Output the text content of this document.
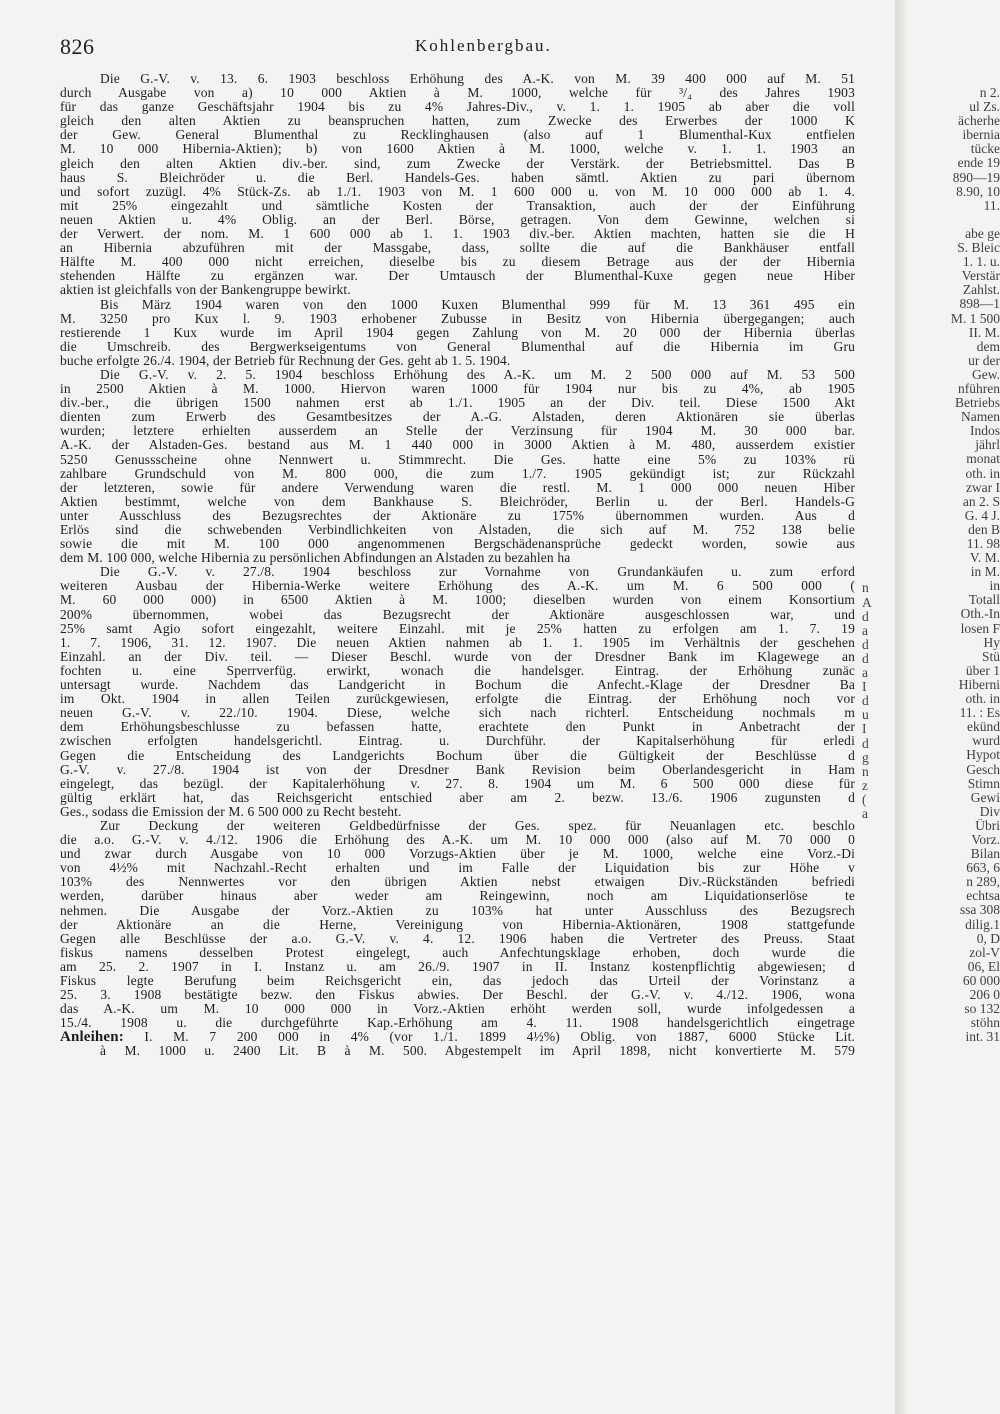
826	Kohlenbergbau.
Die G.-V. v. 13. 6. 1903 beschloss Erhöhung des A.-K. von M. 39 400 000 auf M. 51
durch Ausgabe von a) 10 000 Aktien à M. 1000, welche für ³/₄ des Jahres 1903
für das ganze Geschäftsjahr 1904 bis zu 4% Jahres-Div., v. 1. 1. 1905 ab aber die voll
gleich den alten Aktien zu beanspruchen hatten, zum Zwecke des Erwerbes der 1000 K
der Gew. General Blumenthal zu Recklinghausen (also auf 1 Blumenthal-Kux entfielen
M. 10 000 Hibernia-Aktien); b) von 1600 Aktien à M. 1000, welche v. 1. 1. 1903 an
gleich den alten Aktien div.-ber. sind, zum Zwecke der Verstärk. der Betriebsmittel. Das B
haus S. Bleichröder u. die Berl. Handels-Ges. haben sämtl. Aktien zu pari übernom
und sofort zuzügl. 4% Stück-Zs. ab 1./1. 1903 von M. 1 600 000 u. von M. 10 000 000 ab 1. 4.
mit 25% eingezahlt und sämtliche Kosten der Transaktion, auch der der Einführung
neuen Aktien u. 4% Oblig. an der Berl. Börse, getragen. Von dem Gewinne, welchen si
der Verwert. der nom. M. 1 600 000 ab 1. 1. 1903 div.-ber. Aktien machten, hatten sie die H
an Hibernia abzuführen mit der Massgabe, dass, sollte die auf die Bankhäuser entfall
Hälfte M. 400 000 nicht erreichen, dieselbe bis zu diesem Betrage aus der der Hibernia
stehenden Hälfte zu ergänzen war. Der Umtausch der Blumenthal-Kuxe gegen neue Hiber
aktien ist gleichfalls von der Bankengruppe bewirkt.
Bis März 1904 waren von den 1000 Kuxen Blumenthal 999 für M. 13 361 495 ein
M. 3250 pro Kux l. 9. 1903 erhobener Zubusse in Besitz von Hibernia übergegangen; auch
restierende 1 Kux wurde im April 1904 gegen Zahlung von M. 20 000 der Hibernia überlas
die Umschreib. des Bergwerkseigentums von General Blumenthal auf die Hibernia im Gru
buche erfolgte 26./4. 1904, der Betrieb für Rechnung der Ges. geht ab 1. 5. 1904.
Die G.-V. v. 2. 5. 1904 beschloss Erhöhung des A.-K. um M. 2 500 000 auf M. 53 500
in 2500 Aktien à M. 1000. Hiervon waren 1000 für 1904 nur bis zu 4%, ab 1905
div.-ber., die übrigen 1500 nahmen erst ab 1./1. 1905 an der Div. teil. Diese 1500 Akt
dienten zum Erwerb des Gesamtbesitzes der A.-G. Alstaden, deren Aktionären sie überlas
wurden; letztere erhielten ausserdem an Stelle der Verzinsung für 1904 M. 30 000 bar.
A.-K. der Alstaden-Ges. bestand aus M. 1 440 000 in 3000 Aktien à M. 480, ausserdem existier
5250 Genussscheine ohne Nennwert u. Stimmrecht. Die Ges. hatte eine 5% zu 103% rü
zahlbare Grundschuld von M. 800 000, die zum 1./7. 1905 gekündigt ist; zur Rückzahl
der letzteren, sowie für andere Verwendung waren die restl. M. 1 000 000 neuen Hiber
Aktien bestimmt, welche von dem Bankhause S. Bleichröder, Berlin u. der Berl. Handels-G
unter Ausschluss des Bezugsrechtes der Aktionäre zu 175% übernommen wurden. Aus d
Erlös sind die schwebenden Verbindlichkeiten von Alstaden, die sich auf M. 752 138 belie
sowie die mit M. 100 000 angenommenen Bergschädenansprüche gedeckt worden, sowie aus
dem M. 100 000, welche Hibernia zu persönlichen Abfindungen an Alstaden zu bezahlen ha
Die G.-V. v. 27./8. 1904 beschloss zur Vornahme von Grundankäufen u. zum erford
weiteren Ausbau der Hibernia-Werke weitere Erhöhung des A.-K. um M. 6 500 000 (
M. 60 000 000) in 6500 Aktien à M. 1000; dieselben wurden von einem Konsortium
200% übernommen, wobei das Bezugsrecht der Aktionäre ausgeschlossen war, und
25% samt Agio sofort eingezahlt, weitere Einzahl. mit je 25% hatten zu erfolgen am 1. 7. 19
1. 7. 1906, 31. 12. 1907. Die neuen Aktien nahmen ab 1. 1. 1905 im Verhältnis der geschehen
Einzahl. an der Div. teil. — Dieser Beschl. wurde von der Dresdner Bank im Klagewege an
fochten u. eine Sperrverfüg. erwirkt, wonach die handelsger. Eintrag. der Erhöhung zunäc
untersagt wurde. Nachdem das Landgericht in Bochum die Anfecht.-Klage der Dresdner Ba
im Okt. 1904 in allen Teilen zurückgewiesen, erfolgte die Eintrag. der Erhöhung noch vor
neuen G.-V. v. 22./10. 1904. Diese, welche sich nach richterl. Entscheidung nochmals m
dem Erhöhungsbeschlusse zu befassen hatte, erachtete den Punkt in Anbetracht der
zwischen erfolgten handelsgerichtl. Eintrag. u. Durchführ. der Kapitalserhöhung für erledi
Gegen die Entscheidung des Landgerichts Bochum über die Gültigkeit der Beschlüsse d
G.-V. v. 27./8. 1904 ist von der Dresdner Bank Revision beim Oberlandesgericht in Ham
eingelegt, das bezügl. der Kapitalerhöhung v. 27. 8. 1904 um M. 6 500 000 diese für
gültig erklärt hat, das Reichsgericht entschied aber am 2. bezw. 13./6. 1906 zugunsten d
Ges., sodass die Emission der M. 6 500 000 zu Recht besteht.
Zur Deckung der weiteren Geldbedürfnisse der Ges. spez. für Neuanlagen etc. beschlo
die a.o. G.-V. v. 4./12. 1906 die Erhöhung des A.-K. um M. 10 000 000 (also auf M. 70 000 0
und zwar durch Ausgabe von 10 000 Vorzugs-Aktien über je M. 1000, welche eine Vorz.-Di
von 4½% mit Nachzahl.-Recht erhalten und im Falle der Liquidation bis zur Höhe v
103% des Nennwertes vor den übrigen Aktien nebst etwaigen Div.-Rückständen befriedi
werden, darüber hinaus aber weder am Reingewinn, noch am Liquidationserlöse te
nehmen. Die Ausgabe der Vorz.-Aktien zu 103% hat unter Ausschluss des Bezugsrech
der Aktionäre an die Herne, Vereinigung von Hibernia-Aktionären, 1908 stattgefunde
Gegen alle Beschlüsse der a.o. G.-V. v. 4. 12. 1906 haben die Vertreter des Preuss. Staat
fiskus namens desselben Protest eingelegt, auch Anfechtungsklage erhoben, doch wurde die
am 25. 2. 1907 in I. Instanz u. am 26./9. 1907 in II. Instanz kostenpflichtig abgewiesen; d
Fiskus legte Berufung beim Reichsgericht ein, das jedoch das Urteil der Vorinstanz a
25. 3. 1908 bestätigte bezw. den Fiskus abwies. Der Beschl. der G.-V. v. 4./12. 1906, wona
das A.-K. um M. 10 000 000 in Vorz.-Aktien erhöht werden soll, wurde infolgedessen a
15./4. 1908 u. die durchgeführte Kap.-Erhöhung am 4. 11. 1908 handelsgerichtlich eingetrage
Anleihen: I. M. 7 200 000 in 4% (vor 1./1. 1899 4½%) Oblig. von 1887, 6000 Stücke Lit.
à M. 1000 u. 2400 Lit. B à M. 500. Abgestempelt im April 1898, nicht konvertierte M. 579

n
A
d
a
d
d
a
I
d
u
I
d
g
n
z
(
a

n 2.
ul Zs.
ächerhe
ibernia
tücke
ende 19
890—19
8.90, 10
11.

abe ge
S. Bleic
1. 1. u.
Verstär
Zahlst.
898—1
M. 1 500
II. M.
dem
ur der
Gew.
nführen
Betriebs
Namen
Indos
jährl
monat
oth. in
zwar I
an 2. S
G. 4 J.
den B
11. 98
V. M.
in M.
in
Totall
Oth.-In
losen F
Hy
Stü
über 1
Hiberni
oth. in
11. : Es
ekünd
wurd
Hypot
Gesch
Stimn
Gewi
Div
Übri
Vorz.
Bilan
663, 6
n 289,
echtsa
ssa 308
dilig.1
0, D
zol-V
06, El
60 000
206 0
so 132
stöhn
int. 31
